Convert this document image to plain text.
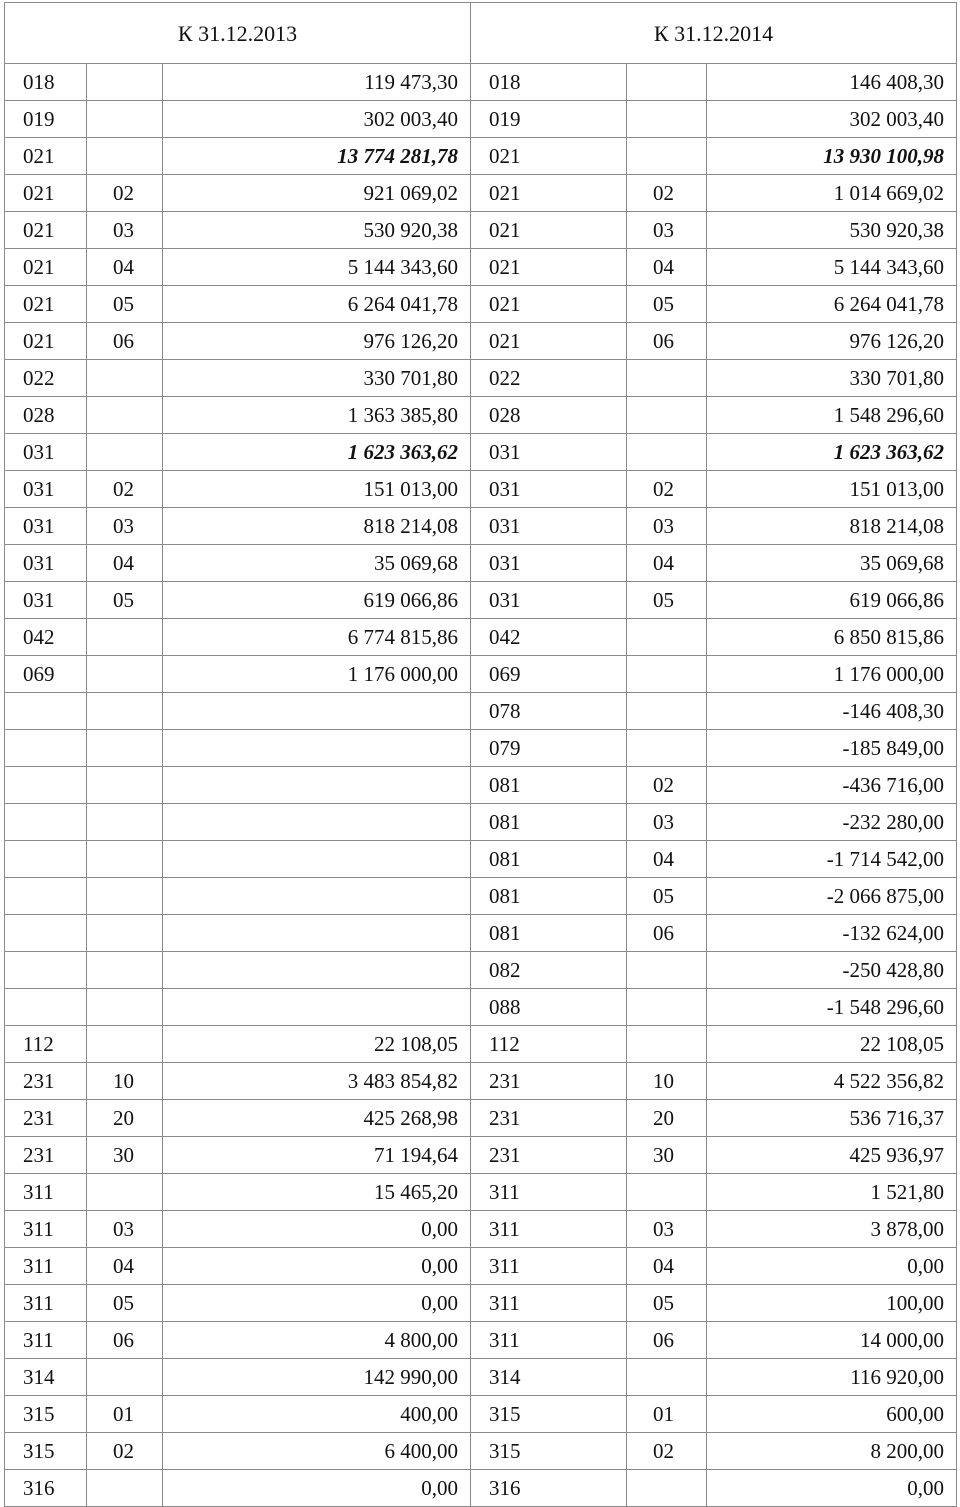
К 31.12.2013			К 31.12.2014		
018		119 473,30	018		146 408,30
019		302 003,40	019		302 003,40
021		13 774 281,78	021		13 930 100,98
021	02	921 069,02	021	02	1 014 669,02
021	03	530 920,38	021	03	530 920,38
021	04	5 144 343,60	021	04	5 144 343,60
021	05	6 264 041,78	021	05	6 264 041,78
021	06	976 126,20	021	06	976 126,20
022		330 701,80	022		330 701,80
028		1 363 385,80	028		1 548 296,60
031		1 623 363,62	031		1 623 363,62
031	02	151 013,00	031	02	151 013,00
031	03	818 214,08	031	03	818 214,08
031	04	35 069,68	031	04	35 069,68
031	05	619 066,86	031	05	619 066,86
042		6 774 815,86	042		6 850 815,86
069		1 176 000,00	069		1 176 000,00
			078		-146 408,30
			079		-185 849,00
			081	02	-436 716,00
			081	03	-232 280,00
			081	04	-1 714 542,00
			081	05	-2 066 875,00
			081	06	-132 624,00
			082		-250 428,80
			088		-1 548 296,60
112		22 108,05	112		22 108,05
231	10	3 483 854,82	231	10	4 522 356,82
231	20	425 268,98	231	20	536 716,37
231	30	71 194,64	231	30	425 936,97
311		15 465,20	311		1 521,80
311	03	0,00	311	03	3 878,00
311	04	0,00	311	04	0,00
311	05	0,00	311	05	100,00
311	06	4 800,00	311	06	14 000,00
314		142 990,00	314		116 920,00
315	01	400,00	315	01	600,00
315	02	6 400,00	315	02	8 200,00
316		0,00	316		0,00
